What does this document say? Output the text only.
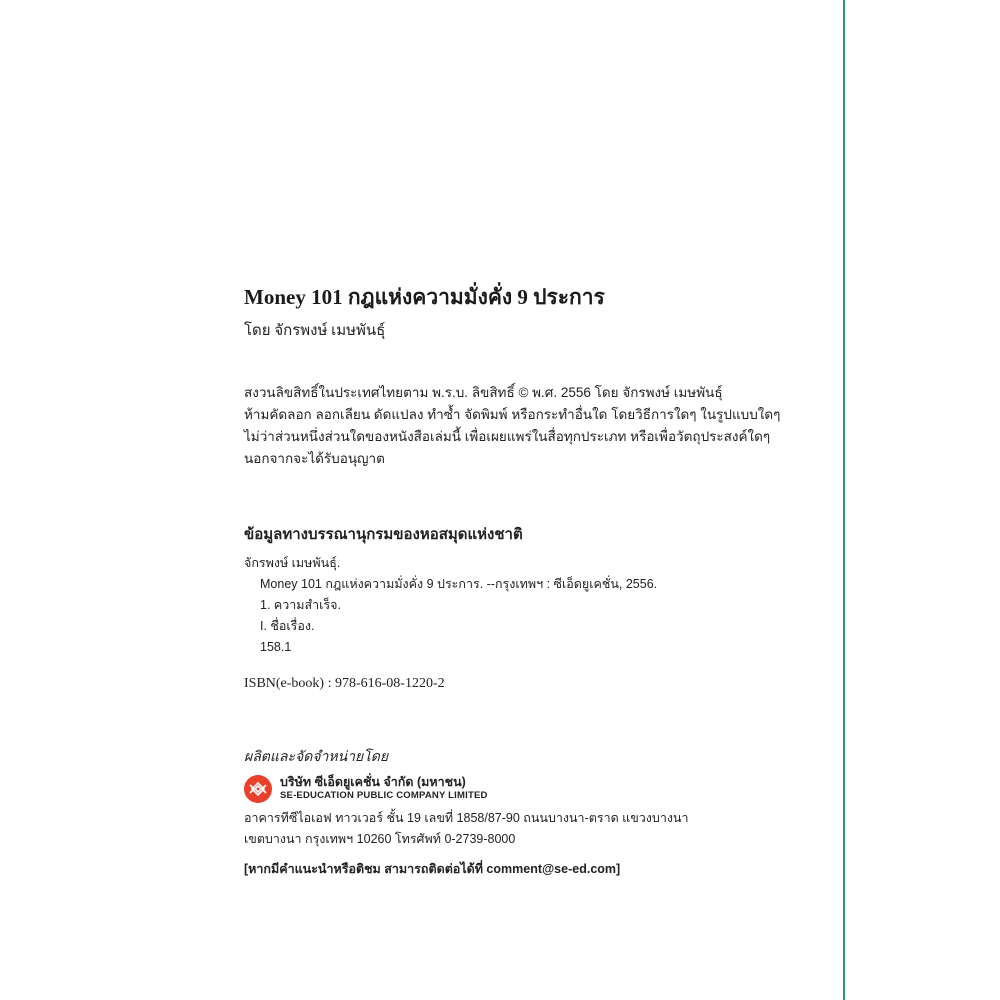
Money 101 กฎแห่งความมั่งคั่ง 9 ประการ
โดย จักรพงษ์ เมษพันธุ์
สงวนลิขสิทธิ์ในประเทศไทยตาม พ.ร.บ. ลิขสิทธิ์ © พ.ศ. 2556 โดย จักรพงษ์ เมษพันธุ์
ห้ามคัดลอก ลอกเลียน ดัดแปลง ทำซ้ำ จัดพิมพ์ หรือกระทำอื่นใด โดยวิธีการใดๆ ในรูปแบบใดๆ
ไม่ว่าส่วนหนึ่งส่วนใดของหนังสือเล่มนี้ เพื่อเผยแพร่ในสื่อทุกประเภท หรือเพื่อวัตถุประสงค์ใดๆ
นอกจากจะได้รับอนุญาต
ข้อมูลทางบรรณานุกรมของหอสมุดแห่งชาติ
จักรพงษ์ เมษพันธุ์.
Money 101 กฎแห่งความมั่งคั่ง 9 ประการ. --กรุงเทพฯ : ซีเอ็ดยูเคชั่น, 2556.
1. ความสำเร็จ.
I. ชื่อเรื่อง.
158.1
ISBN(e-book) : 978-616-08-1220-2
ผลิตและจัดจำหน่ายโดย
บริษัท ซีเอ็ดยูเคชั่น จำกัด (มหาชน)
SE-EDUCATION PUBLIC COMPANY LIMITED
อาคารทีซีไอเอฟ ทาวเวอร์ ชั้น 19 เลขที่ 1858/87-90 ถนนบางนา-ตราด แขวงบางนา
เขตบางนา กรุงเทพฯ 10260 โทรศัพท์ 0-2739-8000
[หากมีคำแนะนำหรือติชม สามารถติดต่อได้ที่ comment@se-ed.com]
